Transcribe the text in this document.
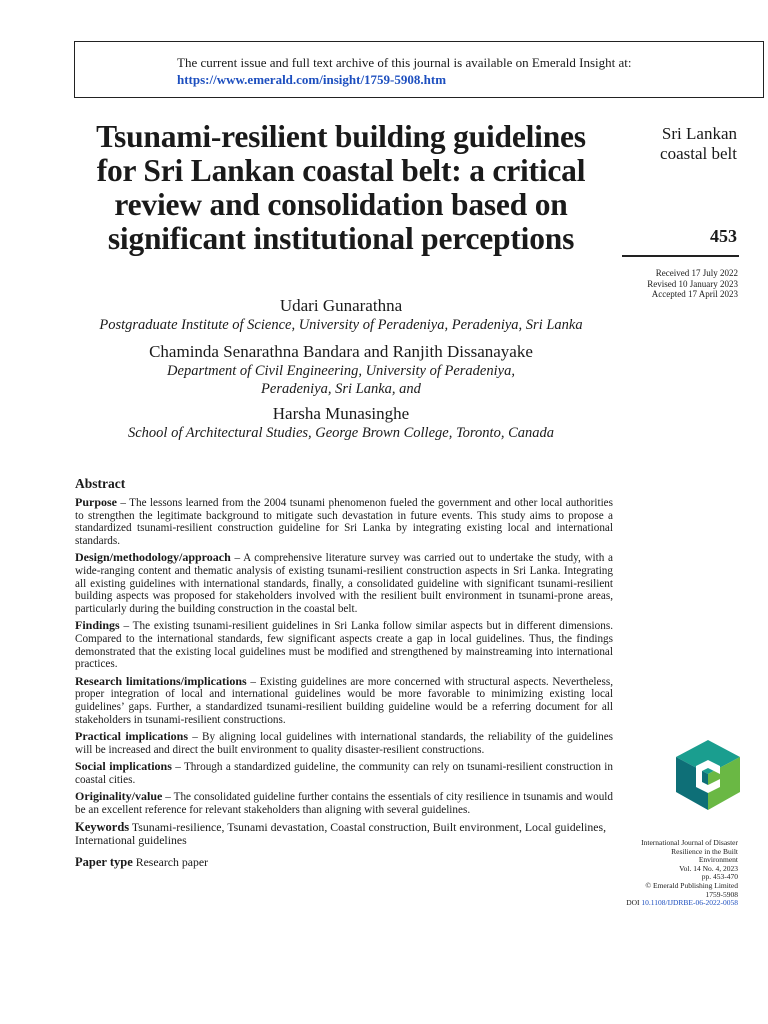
The current issue and full text archive of this journal is available on Emerald Insight at:
https://www.emerald.com/insight/1759-5908.htm
Tsunami-resilient building guidelines for Sri Lankan coastal belt: a critical review and consolidation based on significant institutional perceptions
Sri Lankan
coastal belt
453
Received 17 July 2022
Revised 10 January 2023
Accepted 17 April 2023
Udari Gunarathna
Postgraduate Institute of Science, University of Peradeniya, Peradeniya, Sri Lanka
Chaminda Senarathna Bandara and Ranjith Dissanayake
Department of Civil Engineering, University of Peradeniya,
Peradeniya, Sri Lanka, and
Harsha Munasinghe
School of Architectural Studies, George Brown College, Toronto, Canada
Abstract
Purpose – The lessons learned from the 2004 tsunami phenomenon fueled the government and other local authorities to strengthen the legitimate background to mitigate such devastation in future events. This study aims to propose a standardized tsunami-resilient construction guideline for Sri Lanka by integrating existing local and international standards.
Design/methodology/approach – A comprehensive literature survey was carried out to undertake the study, with a wide-ranging content and thematic analysis of existing tsunami-resilient construction aspects in Sri Lanka. Integrating all existing guidelines with international standards, finally, a consolidated guideline with significant tsunami-resilient building aspects was proposed for stakeholders involved with the resilient built environment in tsunami-prone areas, particularly during the building construction in the coastal belt.
Findings – The existing tsunami-resilient guidelines in Sri Lanka follow similar aspects but in different dimensions. Compared to the international standards, few significant aspects create a gap in local guidelines. Thus, the findings demonstrated that the existing local guidelines must be modified and strengthened by mainstreaming into international practices.
Research limitations/implications – Existing guidelines are more concerned with structural aspects. Nevertheless, proper integration of local and international guidelines would be more favorable to minimizing existing local guidelines’ gaps. Further, a standardized tsunami-resilient building guideline would be a referring document for all stakeholders in tsunami-resilient constructions.
Practical implications – By aligning local guidelines with international standards, the reliability of the guidelines will be increased and direct the built environment to quality disaster-resilient constructions.
Social implications – Through a standardized guideline, the community can rely on tsunami-resilient construction in coastal cities.
Originality/value – The consolidated guideline further contains the essentials of city resilience in tsunamis and would be an excellent reference for relevant stakeholders than aligning with several guidelines.
Keywords Tsunami-resilience, Tsunami devastation, Coastal construction, Built environment, Local guidelines, International guidelines
Paper type Research paper
International Journal of Disaster
Resilience in the Built
Environment
Vol. 14 No. 4, 2023
pp. 453-470
© Emerald Publishing Limited
1759-5908
DOI 10.1108/IJDRBE-06-2022-0058
